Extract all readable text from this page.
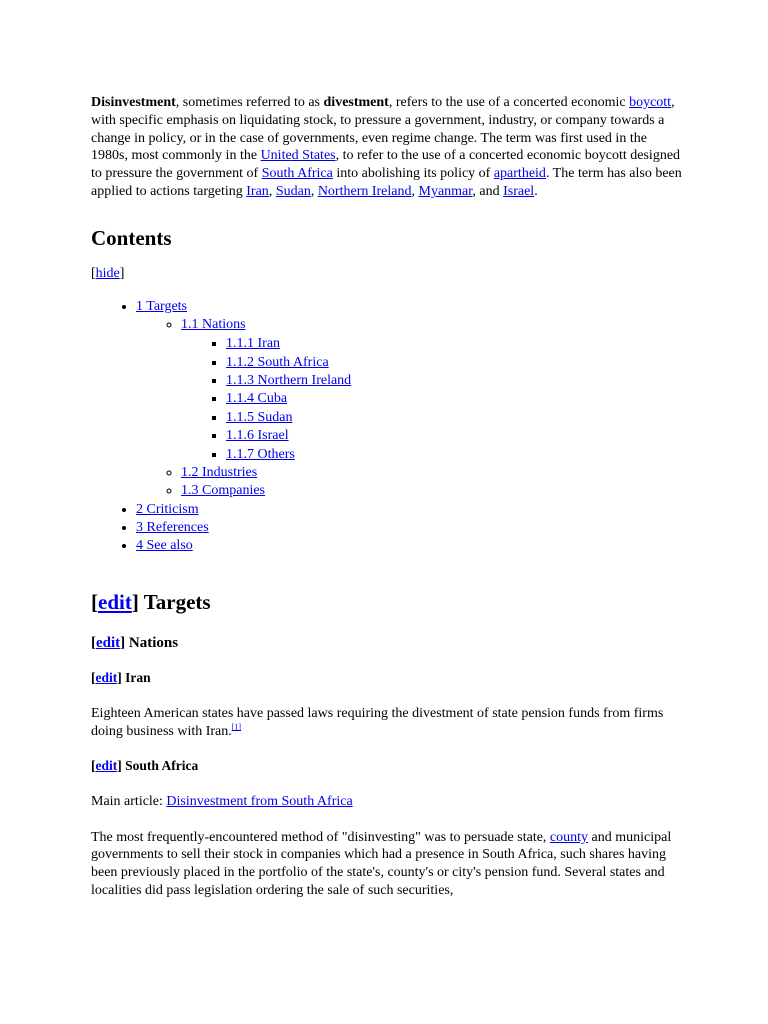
Disinvestment, sometimes referred to as divestment, refers to the use of a concerted economic boycott, with specific emphasis on liquidating stock, to pressure a government, industry, or company towards a change in policy, or in the case of governments, even regime change. The term was first used in the 1980s, most commonly in the United States, to refer to the use of a concerted economic boycott designed to pressure the government of South Africa into abolishing its policy of apartheid. The term has also been applied to actions targeting Iran, Sudan, Northern Ireland, Myanmar, and Israel.

Contents
[hide]
• 1 Targets
◦ 1.1 Nations
▪ 1.1.1 Iran
▪ 1.1.2 South Africa
▪ 1.1.3 Northern Ireland
▪ 1.1.4 Cuba
▪ 1.1.5 Sudan
▪ 1.1.6 Israel
▪ 1.1.7 Others
◦ 1.2 Industries
◦ 1.3 Companies
• 2 Criticism
• 3 References
• 4 See also
[edit] Targets
[edit] Nations
[edit] Iran

Eighteen American states have passed laws requiring the divestment of state pension funds from firms doing business with Iran.[1]

[edit] South Africa

Main article: Disinvestment from South Africa

The most frequently-encountered method of "disinvesting" was to persuade state, county and municipal governments to sell their stock in companies which had a presence in South Africa, such shares having been previously placed in the portfolio of the state's, county's or city's pension fund. Several states and localities did pass legislation ordering the sale of such securities,
